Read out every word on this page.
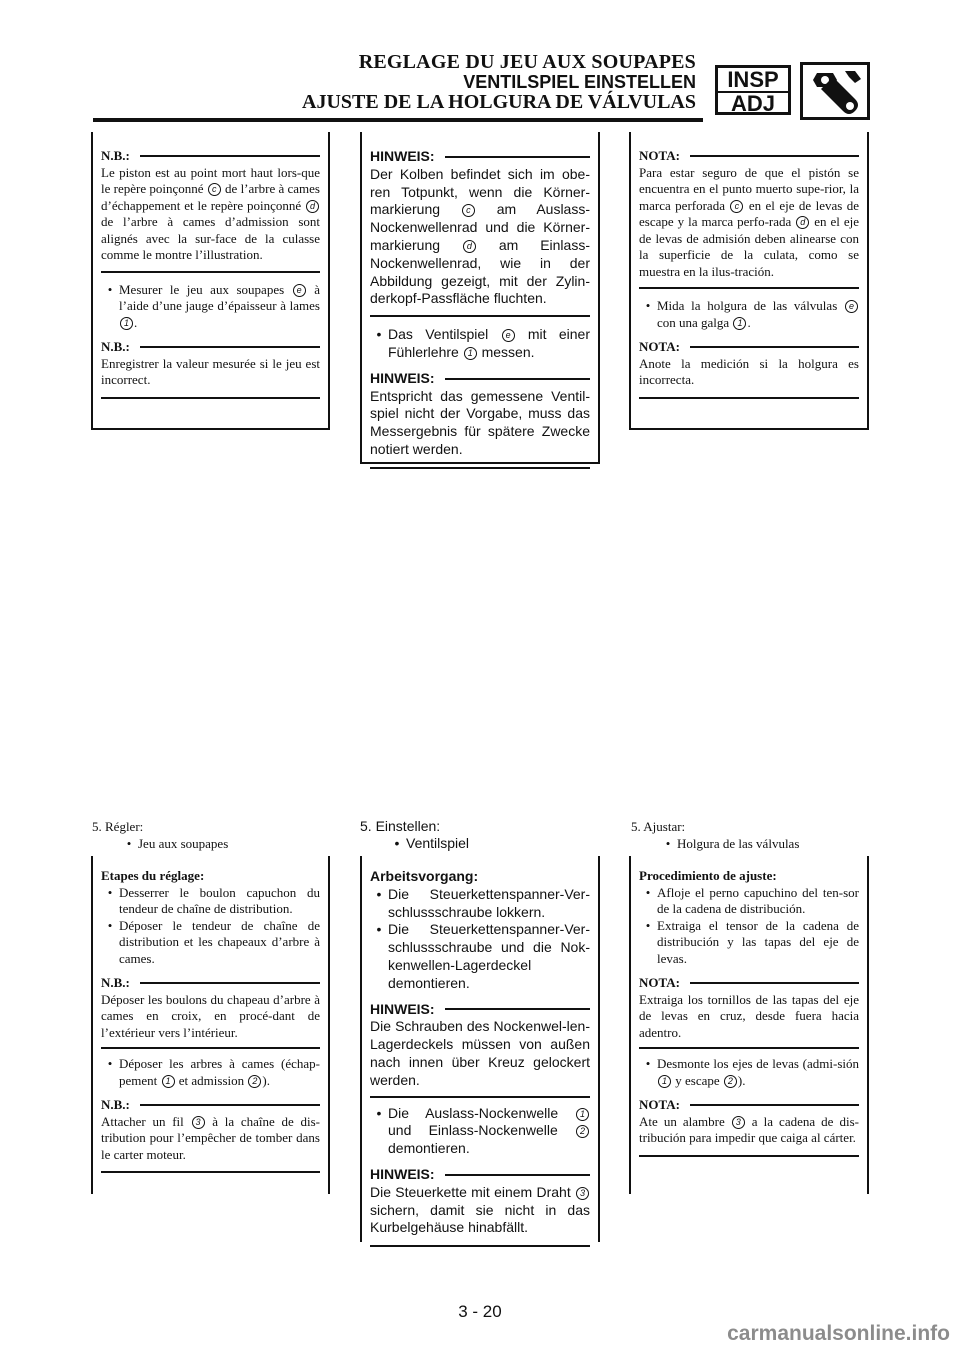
REGLAGE DU JEU AUX SOUPAPES
VENTILSPIEL EINSTELLEN
AJUSTE DE LA HOLGURA DE VÁLVULAS
INSP
ADJ
N.B.:
Le piston est au point mort haut lors-que le repère poinçonné c de l’arbre à cames d’échappement et le repère poinçonné d de l’arbre à cames d’admission sont alignés avec la sur-face de la culasse comme le montre l’illustration.
• Mesurer le jeu aux soupapes e à l’aide d’une jauge d’épaisseur à lames 1 .
N.B.:
Enregistrer la valeur mesurée si le jeu est incorrect.
5. Régler:
• Jeu aux soupapes
Etapes du réglage:
• Desserrer le boulon capuchon du tendeur de chaîne de distribution.
• Déposer le tendeur de chaîne de distribution et les chapeaux d’arbre à cames.
N.B.:
Déposer les boulons du chapeau d’arbre à cames en croix, en procé-dant de l’extérieur vers l’intérieur.
• Déposer les arbres à cames (échap-pement 1 et admission 2 ).
N.B.:
Attacher un fil 3 à la chaîne de dis-tribution pour l’empêcher de tomber dans le carter moteur.
HINWEIS:
Der Kolben befindet sich im obe-ren Totpunkt, wenn die Körner-markierung c am Auslass-Nockenwellenrad und die Körner-markierung d am Einlass-Nockenwellenrad, wie in der Abbildung gezeigt, mit der Zylin-derkopf-Passfläche fluchten.
• Das Ventilspiel e mit einer Fühlerlehre 1 messen.
HINWEIS:
Entspricht das gemessene Ventil-spiel nicht der Vorgabe, muss das Messergebnis für spätere Zwecke notiert werden.
5. Einstellen:
• Ventilspiel
Arbeitsvorgang:
• Die Steuerkettenspanner-Ver-schlussschraube lokkern.
• Die Steuerkettenspanner-Ver-schlussschraube und die Nok-kenwellen-Lagerdeckel demontieren.
HINWEIS:
Die Schrauben des Nockenwel-len-Lagerdeckels müssen von außen nach innen über Kreuz gelockert werden.
• Die Auslass-Nockenwelle 1 und Einlass-Nockenwelle 2 demontieren.
HINWEIS:
Die Steuerkette mit einem Draht 3 sichern, damit sie nicht in das Kurbelgehäuse hinabfällt.
NOTA:
Para estar seguro de que el pistón se encuentra en el punto muerto supe-rior, la marca perforada c en el eje de levas de escape y la marca perfo-rada d en el eje de levas de admisión deben alinearse con la superficie de la culata, como se muestra en la ilus-tración.
• Mida la holgura de las válvulas e con una galga 1 .
NOTA:
Anote la medición si la holgura es incorrecta.
5. Ajustar:
• Holgura de las válvulas
Procedimiento de ajuste:
• Afloje el perno capuchino del ten-sor de la cadena de distribución.
• Extraiga el tensor de la cadena de distribución y las tapas del eje de levas.
NOTA:
Extraiga los tornillos de las tapas del eje de levas en cruz, desde fuera hacia adentro.
• Desmonte los ejes de levas (admi-sión 1 y escape 2 ).
NOTA:
Ate un alambre 3 a la cadena de dis-tribución para impedir que caiga al cárter.
3 - 20
carmanualsonline.info
